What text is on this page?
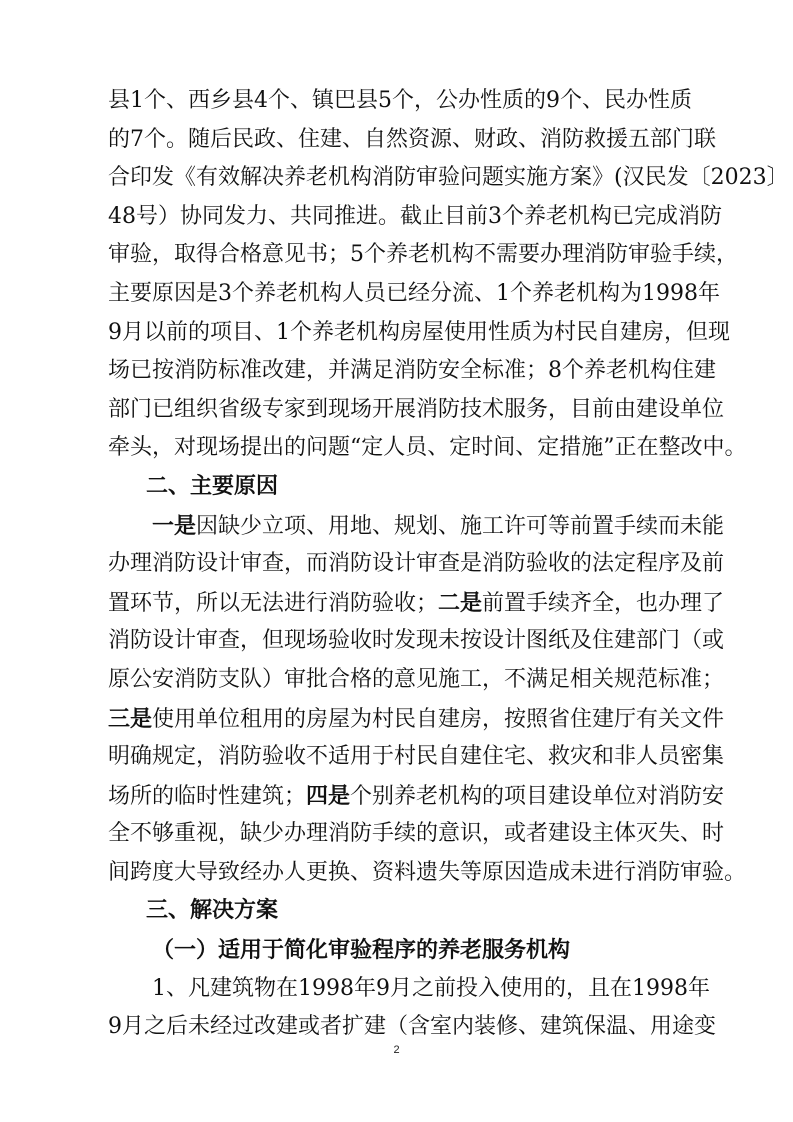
县1个、西乡县4个、镇巴县5个，公办性质的9个、民办性质
的7个。随后民政、住建、自然资源、财政、消防救援五部门联
合印发《有效解决养老机构消防审验问题实施方案》(汉民发〔2023〕
48号）协同发力、共同推进。截止目前3个养老机构已完成消防
审验，取得合格意见书；5个养老机构不需要办理消防审验手续，
主要原因是3个养老机构人员已经分流、1个养老机构为1998年
9月以前的项目、1个养老机构房屋使用性质为村民自建房，但现
场已按消防标准改建，并满足消防安全标准；8个养老机构住建
部门已组织省级专家到现场开展消防技术服务，目前由建设单位
牵头，对现场提出的问题“定人员、定时间、定措施”正在整改中。
二、主要原因
一是因缺少立项、用地、规划、施工许可等前置手续而未能
办理消防设计审查，而消防设计审查是消防验收的法定程序及前
置环节，所以无法进行消防验收；二是前置手续齐全，也办理了
消防设计审查，但现场验收时发现未按设计图纸及住建部门（或
原公安消防支队）审批合格的意见施工，不满足相关规范标准；
三是使用单位租用的房屋为村民自建房，按照省住建厅有关文件
明确规定，消防验收不适用于村民自建住宅、救灾和非人员密集
场所的临时性建筑；四是个别养老机构的项目建设单位对消防安
全不够重视，缺少办理消防手续的意识，或者建设主体灭失、时
间跨度大导致经办人更换、资料遗失等原因造成未进行消防审验。
三、解决方案
（一）适用于简化审验程序的养老服务机构
1、凡建筑物在1998年9月之前投入使用的，且在1998年
9月之后未经过改建或者扩建（含室内装修、建筑保温、用途变
2
